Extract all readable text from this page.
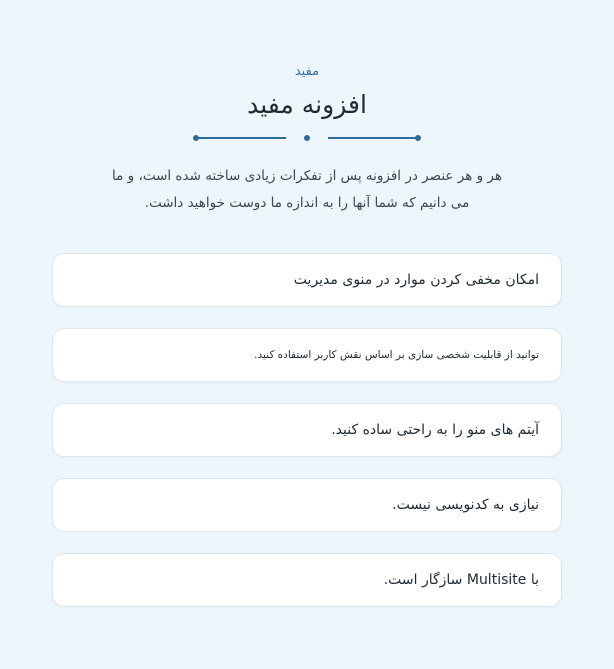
مفید
افزونه مفید
هر و هر عنصر در افزونه پس از تفکرات زیادی ساخته شده است، و ما
می دانیم که شما آنها را به اندازه ما دوست خواهید داشت.
امکان مخفی کردن موارد در منوی مدیریت
توانید از قابلیت شخصی سازی بر اساس نقش کاربر استفاده کنید.
آیتم های منو را به راحتی ساده کنید.
نیازی به کدنویسی نیست.
با Multisite سازگار است.
